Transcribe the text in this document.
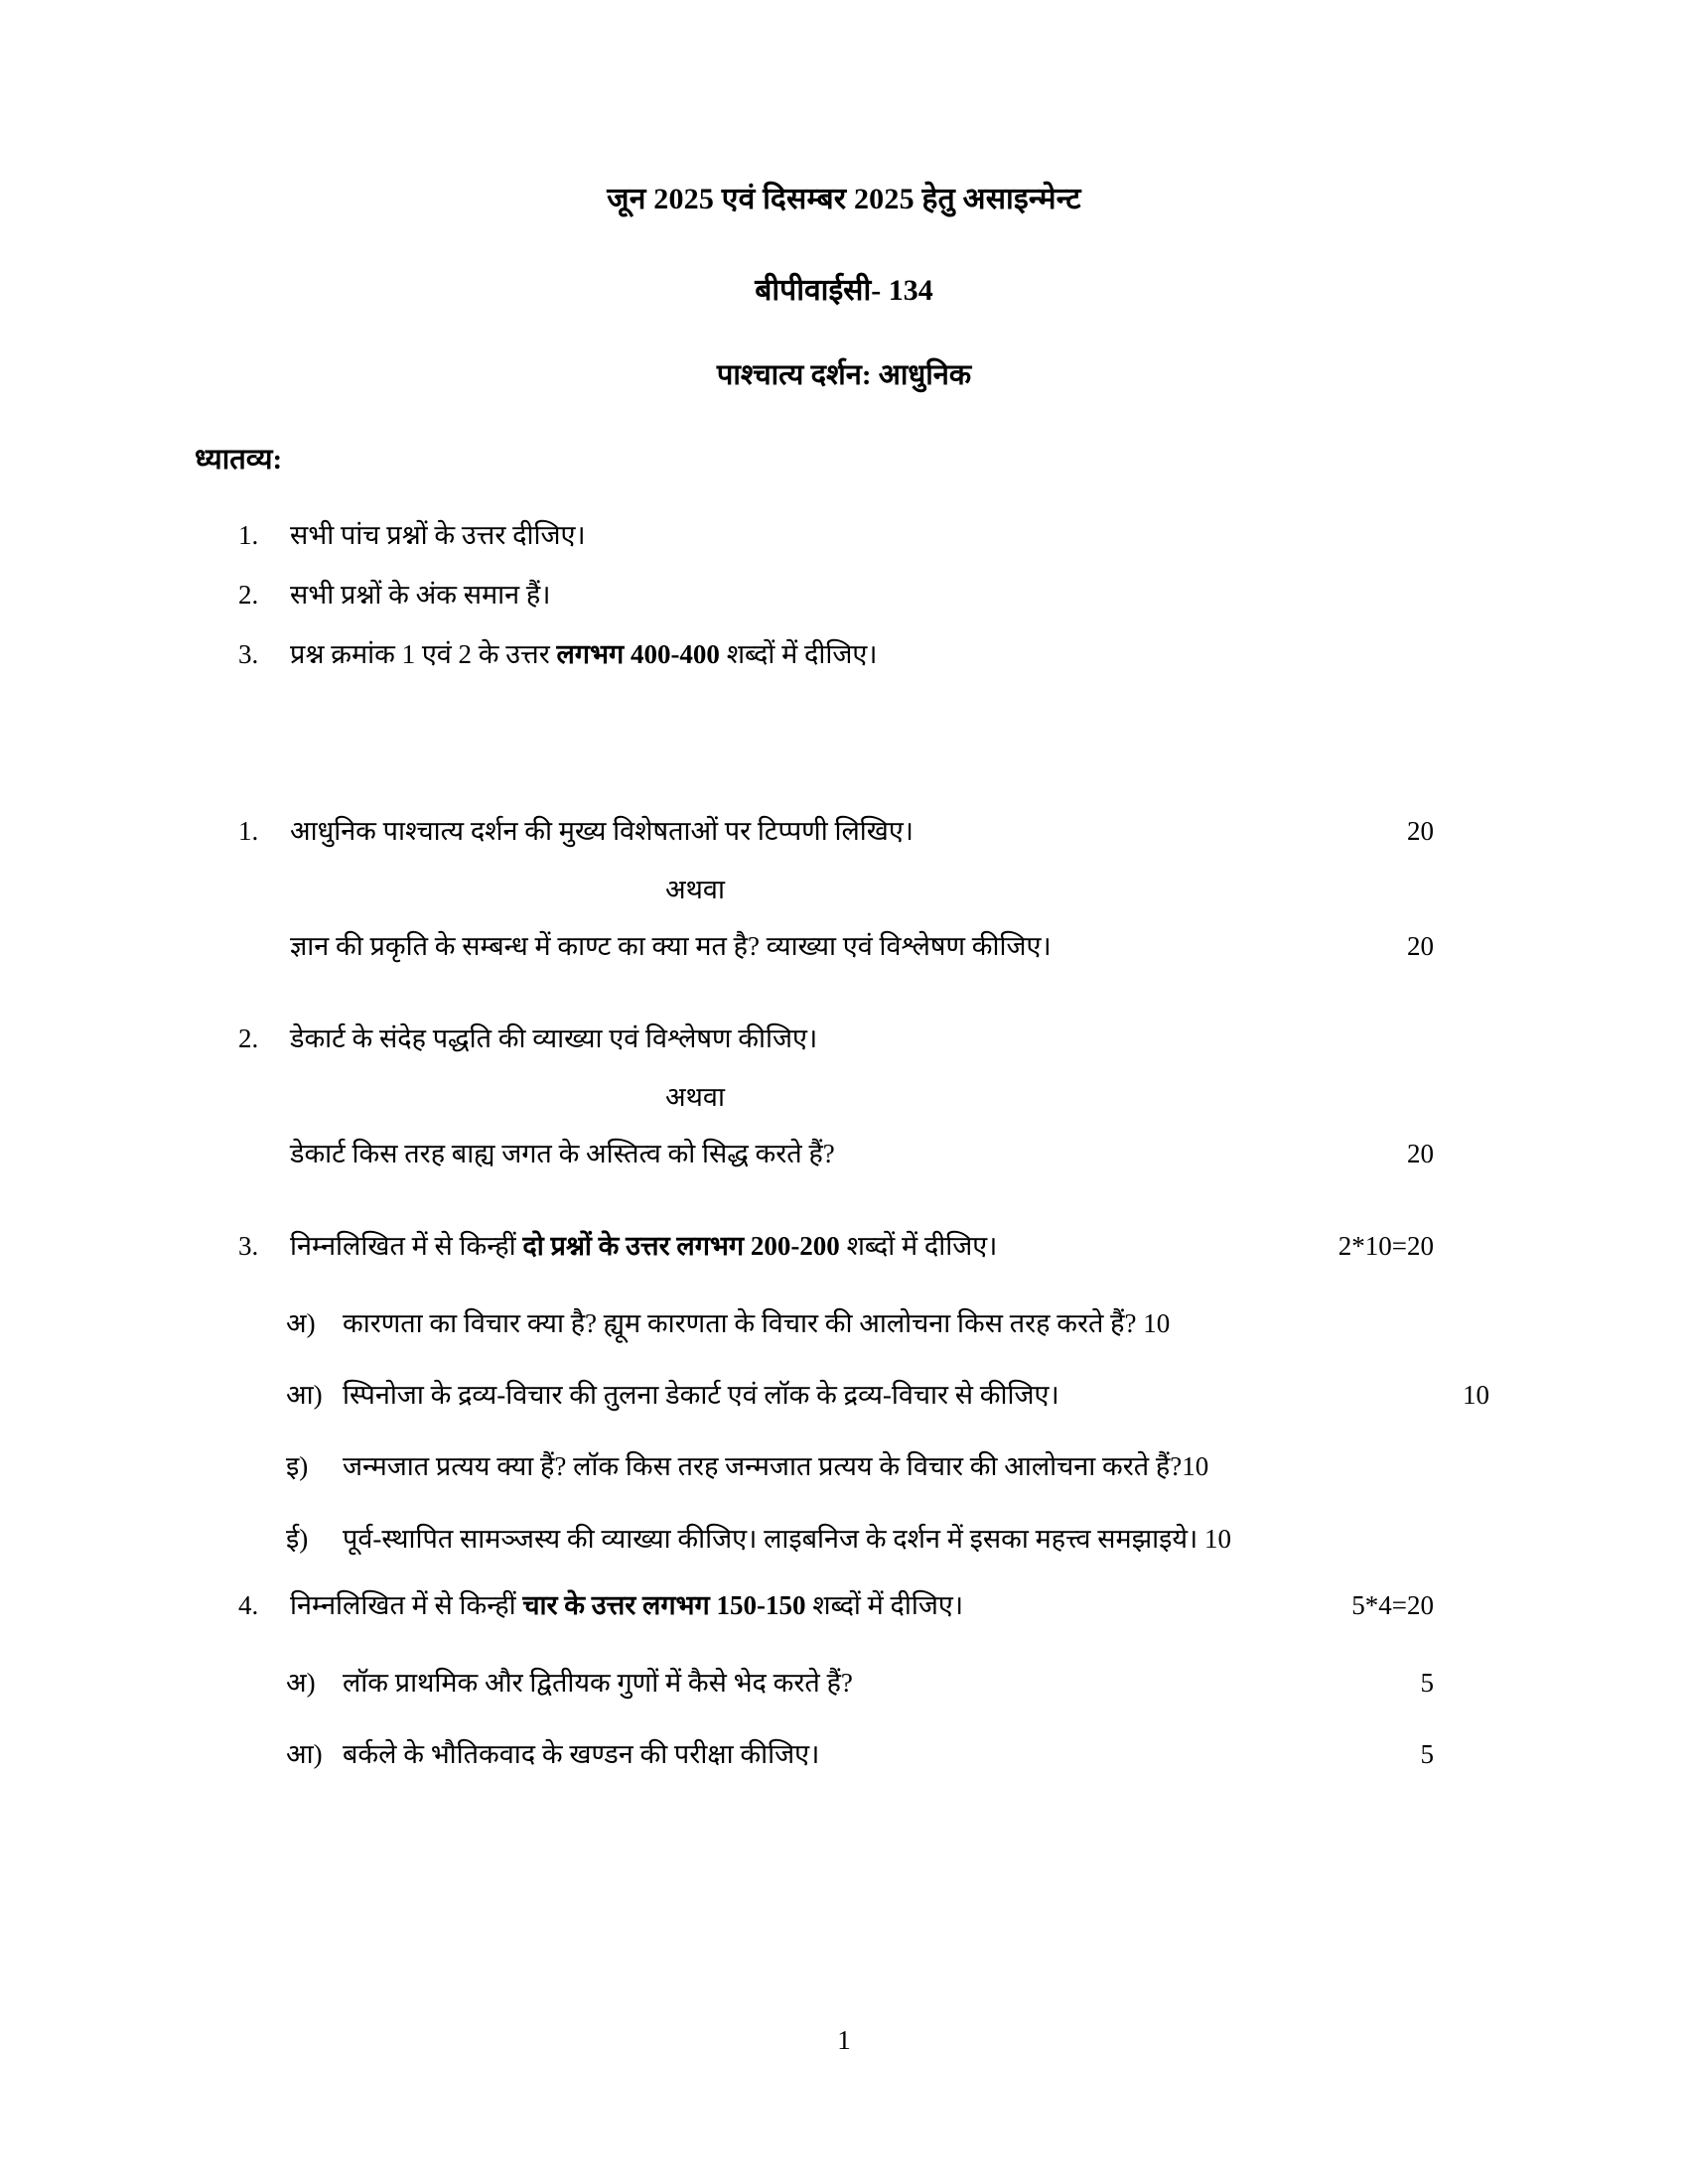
जून 2025 एवं दिसम्बर 2025 हेतु असाइन्मेन्ट
बीपीवाईसी- 134
पाश्चात्य दर्शन: आधुनिक
ध्यातव्य:
1. सभी पांच प्रश्नों के उत्तर दीजिए।
2. सभी प्रश्नों के अंक समान हैं।
3. प्रश्न क्रमांक 1 एवं 2 के उत्तर लगभग 400-400 शब्दों में दीजिए।
1. आधुनिक पाश्चात्य दर्शन की मुख्य विशेषताओं पर टिप्पणी लिखिए।	20
अथवा
ज्ञान की प्रकृति के सम्बन्ध में काण्ट का क्या मत है? व्याख्या एवं विश्लेषण कीजिए।	20
2. डेकार्ट के संदेह पद्धति की व्याख्या एवं विश्लेषण कीजिए।
अथवा
डेकार्ट किस तरह बाह्य जगत के अस्तित्व को सिद्ध करते हैं?	20
3. निम्नलिखित में से किन्हीं दो प्रश्नों के उत्तर लगभग 200-200 शब्दों में दीजिए।	2*10=20
अ) कारणता का विचार क्या है? ह्यूम कारणता के विचार की आलोचना किस तरह करते हैं? 10
आ) स्पिनोजा के द्रव्य-विचार की तुलना डेकार्ट एवं लॉक के द्रव्य-विचार से कीजिए।	10
इ) जन्मजात प्रत्यय क्या हैं? लॉक किस तरह जन्मजात प्रत्यय के विचार की आलोचना करते हैं?10
ई) पूर्व-स्थापित सामञ्जस्य की व्याख्या कीजिए। लाइबनिज के दर्शन में इसका महत्त्व समझाइये। 10
4. निम्नलिखित में से किन्हीं चार के उत्तर लगभग 150-150 शब्दों में दीजिए।	5*4=20
अ) लॉक प्राथमिक और द्वितीयक गुणों में कैसे भेद करते हैं?	5
आ) बर्कले के भौतिकवाद के खण्डन की परीक्षा कीजिए।	5
1
